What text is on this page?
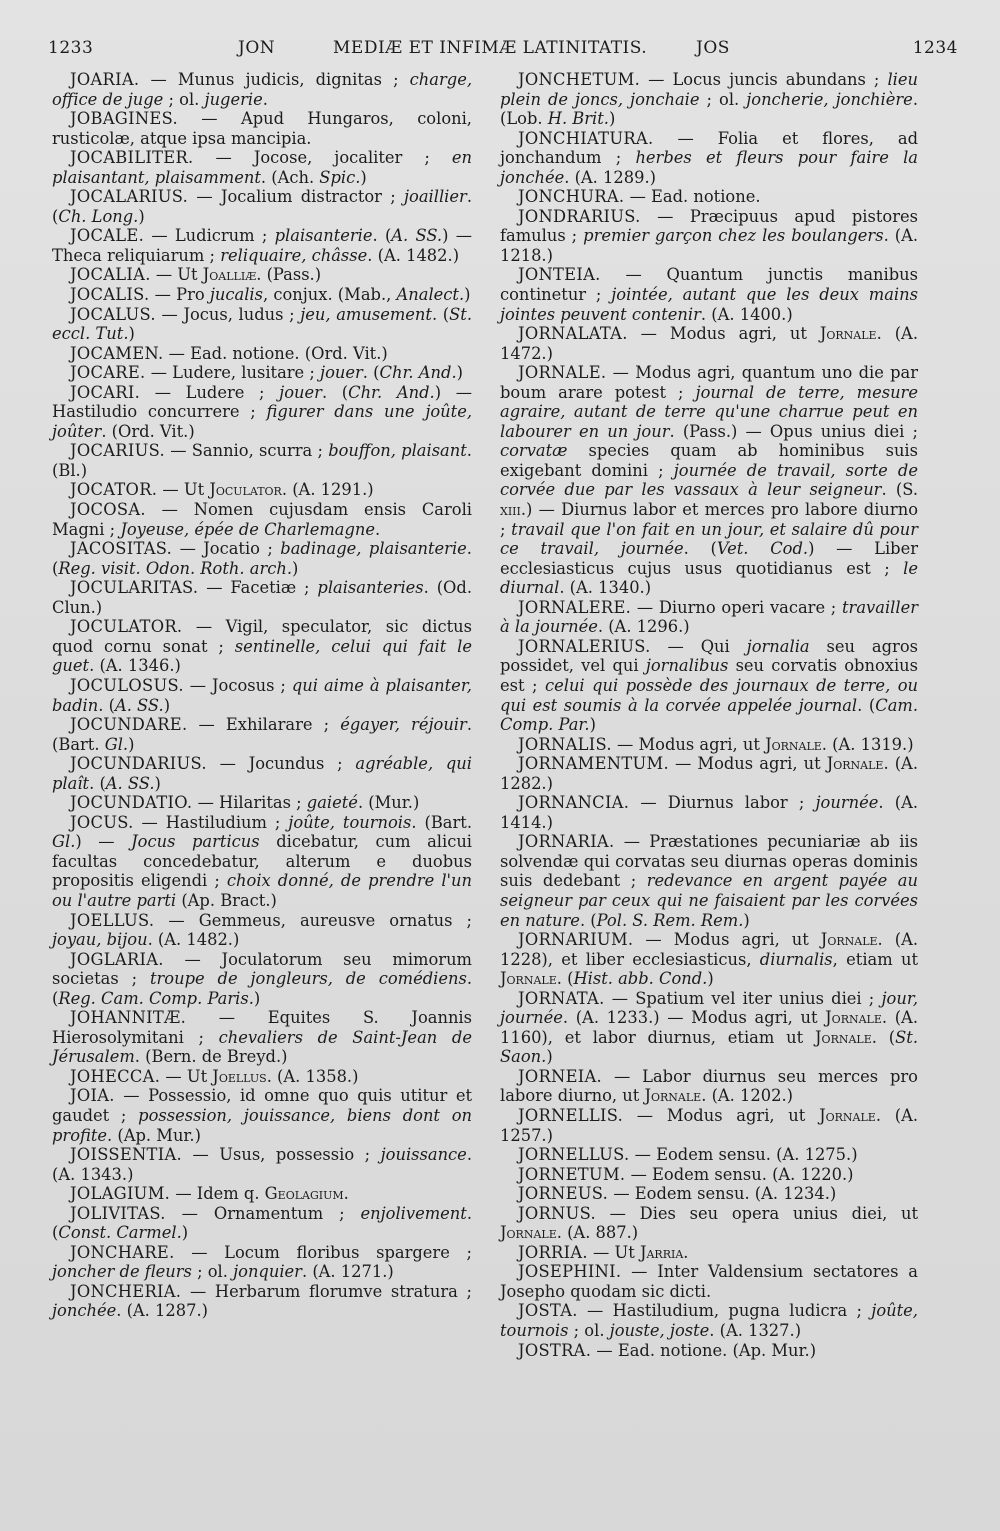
1233	JON	MEDIÆ ET INFIMÆ LATINITATIS.	JOS	1234

JOARIA. — Munus judicis, dignitas ; charge, office de juge ; ol. jugerie.

JOBAGINES. — Apud Hungaros, coloni, rusticolæ, atque ipsa mancipia.

JOCABILITER. — Jocose, jocaliter ; en plaisantant, plaisamment. (Ach. Spic.)

JOCALARIUS. — Jocalium distractor ; joaillier. (Ch. Long.)

JOCALE. — Ludicrum ; plaisanterie. (A. SS.) — Theca reliquiarum ; reliquaire, châsse. (A. 1482.)

JOCALIA. — Ut Joalliæ. (Pass.)

JOCALIS. — Pro jucalis, conjux. (Mab., Analect.)

JOCALUS. — Jocus, ludus ; jeu, amusement. (St. eccl. Tut.)

JOCAMEN. — Ead. notione. (Ord. Vit.)

JOCARE. — Ludere, lusitare ; jouer. (Chr. And.)

JOCARI. — Ludere ; jouer. (Chr. And.) — Hastiludio concurrere ; figurer dans une joûte, joûter. (Ord. Vit.)

JOCARIUS. — Sannio, scurra ; bouffon, plaisant. (Bl.)

JOCATOR. — Ut Joculator. (A. 1291.)

JOCOSA. — Nomen cujusdam ensis Caroli Magni ; Joyeuse, épée de Charlemagne.

JACOSITAS. — Jocatio ; badinage, plaisanterie. (Reg. visit. Odon. Roth. arch.)

JOCULARITAS. — Facetiæ ; plaisanteries. (Od. Clun.)

JOCULATOR. — Vigil, speculator, sic dictus quod cornu sonat ; sentinelle, celui qui fait le guet. (A. 1346.)

JOCULOSUS. — Jocosus ; qui aime à plaisanter, badin. (A. SS.)

JOCUNDARE. — Exhilarare ; égayer, réjouir. (Bart. Gl.)

JOCUNDARIUS. — Jocundus ; agréable, qui plaît. (A. SS.)

JOCUNDATIO. — Hilaritas ; gaieté. (Mur.)

JOCUS. — Hastiludium ; joûte, tournois. (Bart. Gl.) — Jocus particus dicebatur, cum alicui facultas concedebatur, alterum e duobus propositis eligendi ; choix donné, de prendre l'un ou l'autre parti (Ap. Bract.)

JOELLUS. — Gemmeus, aureusve ornatus ; joyau, bijou. (A. 1482.)

JOGLARIA. — Joculatorum seu mimorum societas ; troupe de jongleurs, de comédiens. (Reg. Cam. Comp. Paris.)

JOHANNITÆ. — Equites S. Joannis Hierosolymitani ; chevaliers de Saint-Jean de Jérusalem. (Bern. de Breyd.)

JOHECCA. — Ut Joellus. (A. 1358.)

JOIA. — Possessio, id omne quo quis utitur et gaudet ; possession, jouissance, biens dont on profite. (Ap. Mur.)

JOISSENTIA. — Usus, possessio ; jouissance. (A. 1343.)

JOLAGIUM. — Idem q. Geolagium.

JOLIVITAS. — Ornamentum ; enjolivement. (Const. Carmel.)

JONCHARE. — Locum floribus spargere ; joncher de fleurs ; ol. jonquier. (A. 1271.)

JONCHERIA. — Herbarum florumve stratura ; jonchée. (A. 1287.)

JONCHETUM. — Locus juncis abundans ; lieu plein de joncs, jonchaie ; ol. joncherie, jonchière. (Lob. H. Brit.)

JONCHIATURA. — Folia et flores, ad jonchandum ; herbes et fleurs pour faire la jonchée. (A. 1289.)

JONCHURA. — Ead. notione.

JONDRARIUS. — Præcipuus apud pistores famulus ; premier garçon chez les boulangers. (A. 1218.)

JONTEIA. — Quantum junctis manibus continetur ; jointée, autant que les deux mains jointes peuvent contenir. (A. 1400.)

JORNALATA. — Modus agri, ut Jornale. (A. 1472.)

JORNALE. — Modus agri, quantum uno die par boum arare potest ; journal de terre, mesure agraire, autant de terre qu'une charrue peut en labourer en un jour. (Pass.) — Opus unius diei ; corvatæ species quam ab hominibus suis exigebant domini ; journée de travail, sorte de corvée due par les vassaux à leur seigneur. (S. xiii.) — Diurnus labor et merces pro labore diurno ; travail que l'on fait en un jour, et salaire dû pour ce travail, journée. (Vet. Cod.) — Liber ecclesiasticus cujus usus quotidianus est ; le diurnal. (A. 1340.)

JORNALERE. — Diurno operi vacare ; travailler à la journée. (A. 1296.)

JORNALERIUS. — Qui jornalia seu agros possidet, vel qui jornalibus seu corvatis obnoxius est ; celui qui possède des journaux de terre, ou qui est soumis à la corvée appelée journal. (Cam. Comp. Par.)

JORNALIS. — Modus agri, ut Jornale. (A. 1319.)

JORNAMENTUM. — Modus agri, ut Jornale. (A. 1282.)

JORNANCIA. — Diurnus labor ; journée. (A. 1414.)

JORNARIA. — Præstationes pecuniariæ ab iis solvendæ qui corvatas seu diurnas operas dominis suis dedebant ; redevance en argent payée au seigneur par ceux qui ne faisaient par les corvées en nature. (Pol. S. Rem. Rem.)

JORNARIUM. — Modus agri, ut Jornale. (A. 1228), et liber ecclesiasticus, diurnalis, etiam ut Jornale. (Hist. abb. Cond.)

JORNATA. — Spatium vel iter unius diei ; jour, journée. (A. 1233.) — Modus agri, ut Jornale. (A. 1160), et labor diurnus, etiam ut Jornale. (St. Saon.)

JORNEIA. — Labor diurnus seu merces pro labore diurno, ut Jornale. (A. 1202.)

JORNELLIS. — Modus agri, ut Jornale. (A. 1257.)

JORNELLUS. — Eodem sensu. (A. 1275.)

JORNETUM. — Eodem sensu. (A. 1220.)

JORNEUS. — Eodem sensu. (A. 1234.)

JORNUS. — Dies seu opera unius diei, ut Jornale. (A. 887.)

JORRIA. — Ut Jarria.

JOSEPHINI. — Inter Valdensium sectatores a Josepho quodam sic dicti.

JOSTA. — Hastiludium, pugna ludicra ; joûte, tournois ; ol. jouste, joste. (A. 1327.)

JOSTRA. — Ead. notione. (Ap. Mur.)
